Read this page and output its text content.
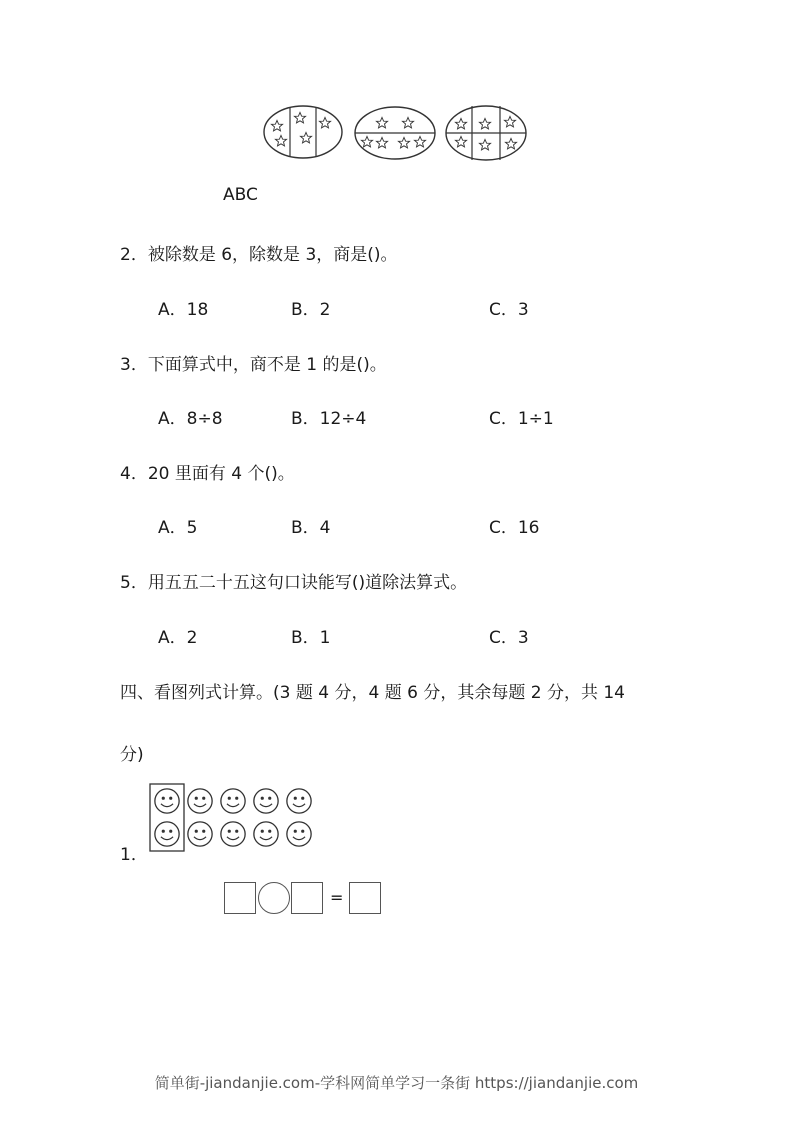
ABC
2．被除数是 6，除数是 3，商是()。
A．18	B．2	C．3
3．下面算式中，商不是 1 的是()。
A．8÷8	B．12÷4	C．1÷1
4．20 里面有 4 个()。
A．5	B．4	C．16
5．用五五二十五这句口诀能写()道除法算式。
A．2	B．1	C．3
四、看图列式计算。(3 题 4 分，4 题 6 分，其余每题 2 分，共 14
分)
1．
=
简单街-jiandanjie.com-学科网简单学习一条街 https://jiandanjie.com
